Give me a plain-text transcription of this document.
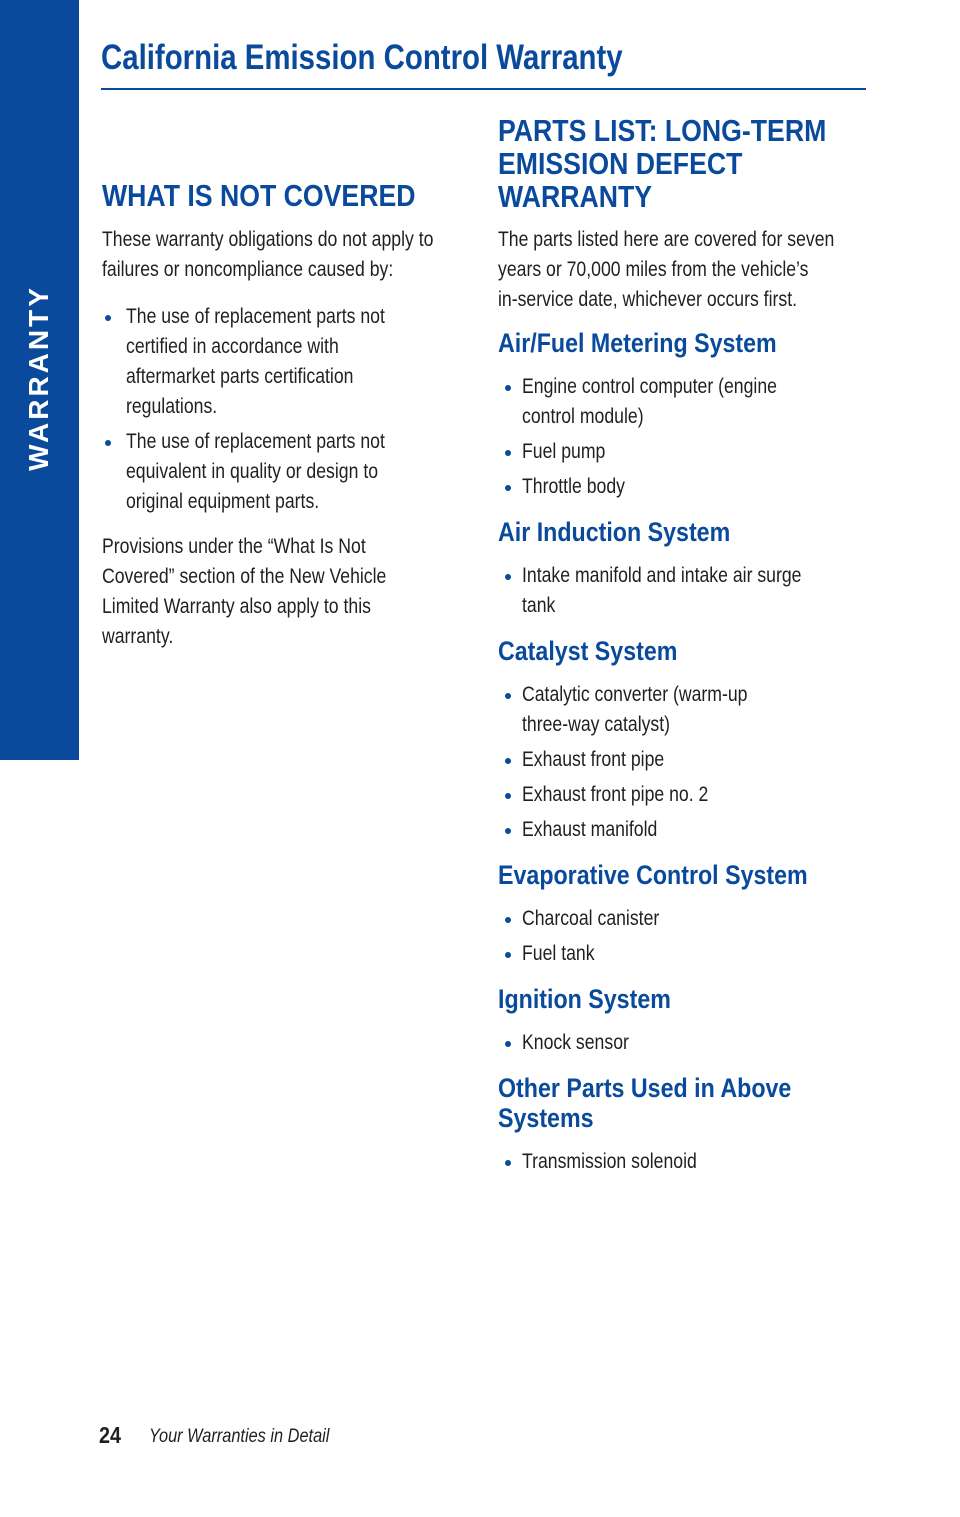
WARRANTY
California Emission Control Warranty
WHAT IS NOT COVERED
These warranty obligations do not apply to
failures or noncompliance caused by:
The use of replacement parts not
certified in accordance with
aftermarket parts certification
regulations.
The use of replacement parts not
equivalent in quality or design to
original equipment parts.
Provisions under the “What Is Not
Covered” section of the New Vehicle
Limited Warranty also apply to this
warranty.
PARTS LIST: LONG-TERM
EMISSION DEFECT
WARRANTY
The parts listed here are covered for seven
years or 70,000 miles from the vehicle’s
in-service date, whichever occurs first.
Air/Fuel Metering System
Engine control computer (engine
control module)
Fuel pump
Throttle body
Air Induction System
Intake manifold and intake air surge
tank
Catalyst System
Catalytic converter (warm-up
three-way catalyst)
Exhaust front pipe
Exhaust front pipe no. 2
Exhaust manifold
Evaporative Control System
Charcoal canister
Fuel tank
Ignition System
Knock sensor
Other Parts Used in Above
Systems
Transmission solenoid
24 Your Warranties in Detail
